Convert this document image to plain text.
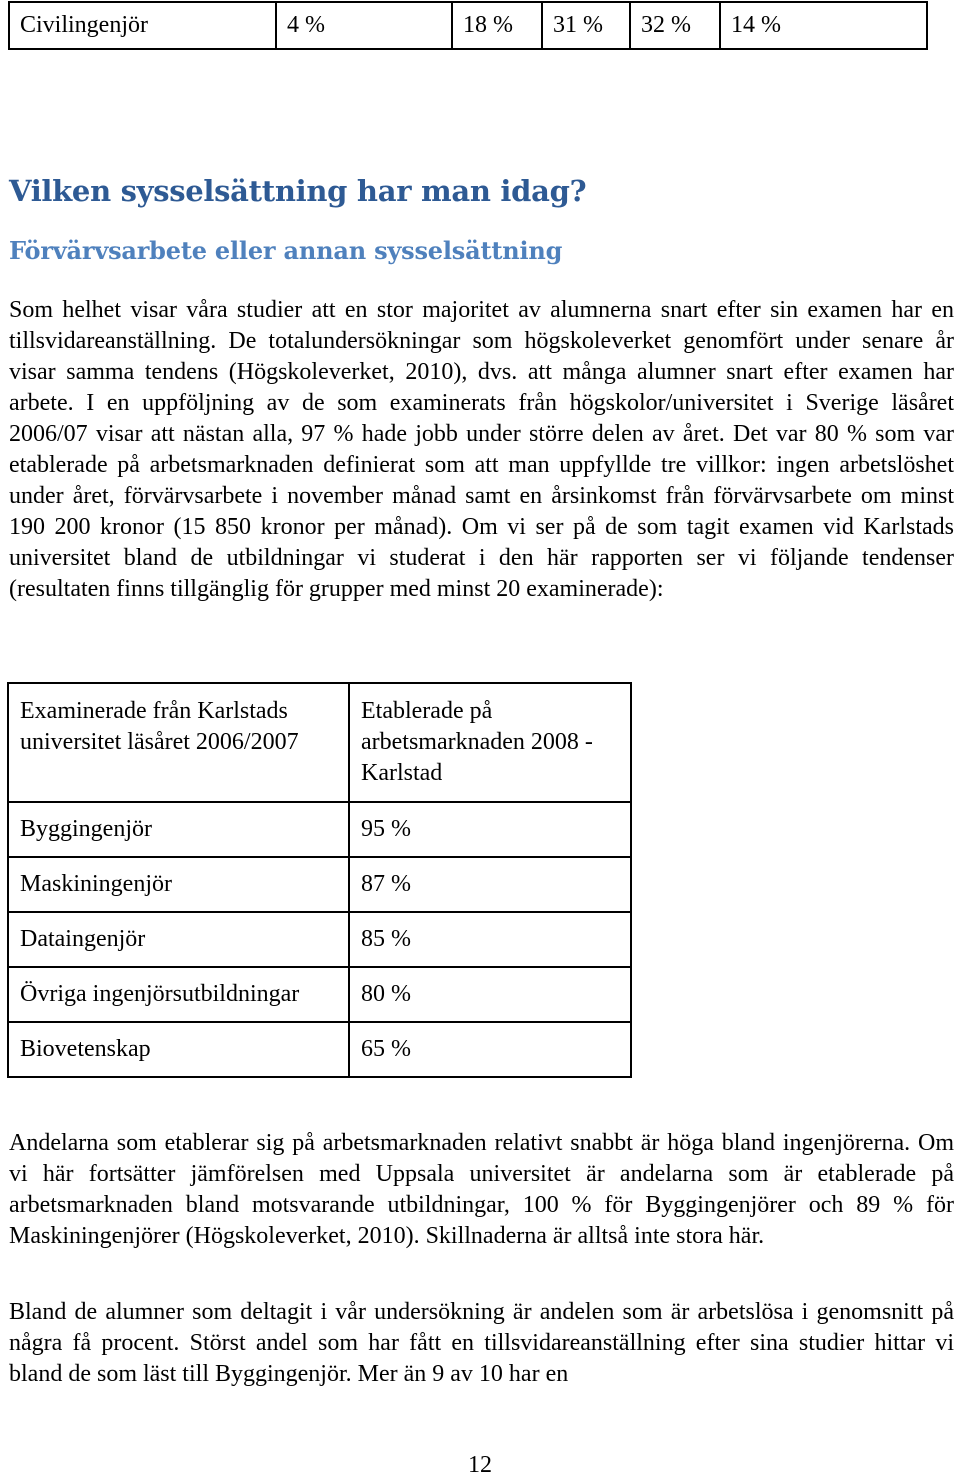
Civilingenjör	4 %	18 %	31 %	32 %	14 %
Vilken sysselsättning har man idag?
Förvärvsarbete eller annan sysselsättning

Som helhet visar våra studier att en stor majoritet av alumnerna snart efter sin examen har en tillsvidareanställning. De totalundersökningar som högskoleverket genomfört under senare år visar samma tendens (Högskoleverket, 2010), dvs. att många alumner snart efter examen har arbete. I en uppföljning av de som examinerats från högskolor/universitet i Sverige läsåret 2006/07 visar att nästan alla, 97 % hade jobb under större delen av året. Det var 80 % som var etablerade på arbetsmarknaden definierat som att man uppfyllde tre villkor: ingen arbetslöshet under året, förvärvsarbete i november månad samt en årsinkomst från förvärvsarbete om minst 190 200 kronor (15 850 kronor per månad). Om vi ser på de som tagit examen vid Karlstads universitet bland de utbildningar vi studerat i den här rapporten ser vi följande tendenser (resultaten finns tillgänglig för grupper med minst 20 examinerade):

Examinerade från Karlstads universitet läsåret 2006/2007	Etablerade på arbetsmarknaden 2008 - Karlstad
Byggingenjör	95 %
Maskiningenjör	87 %
Dataingenjör	85 %
Övriga ingenjörsutbildningar	80 %
Biovetenskap	65 %

Andelarna som etablerar sig på arbetsmarknaden relativt snabbt är höga bland ingenjörerna. Om vi här fortsätter jämförelsen med Uppsala universitet är andelarna som är etablerade på arbetsmarknaden bland motsvarande utbildningar, 100 % för Byggingenjörer och 89 % för Maskiningenjörer (Högskoleverket, 2010). Skillnaderna är alltså inte stora här.

Bland de alumner som deltagit i vår undersökning är andelen som är arbetslösa i genomsnitt på några få procent. Störst andel som har fått en tillsvidareanställning efter sina studier hittar vi bland de som läst till Byggingenjör. Mer än 9 av 10 har en

12
